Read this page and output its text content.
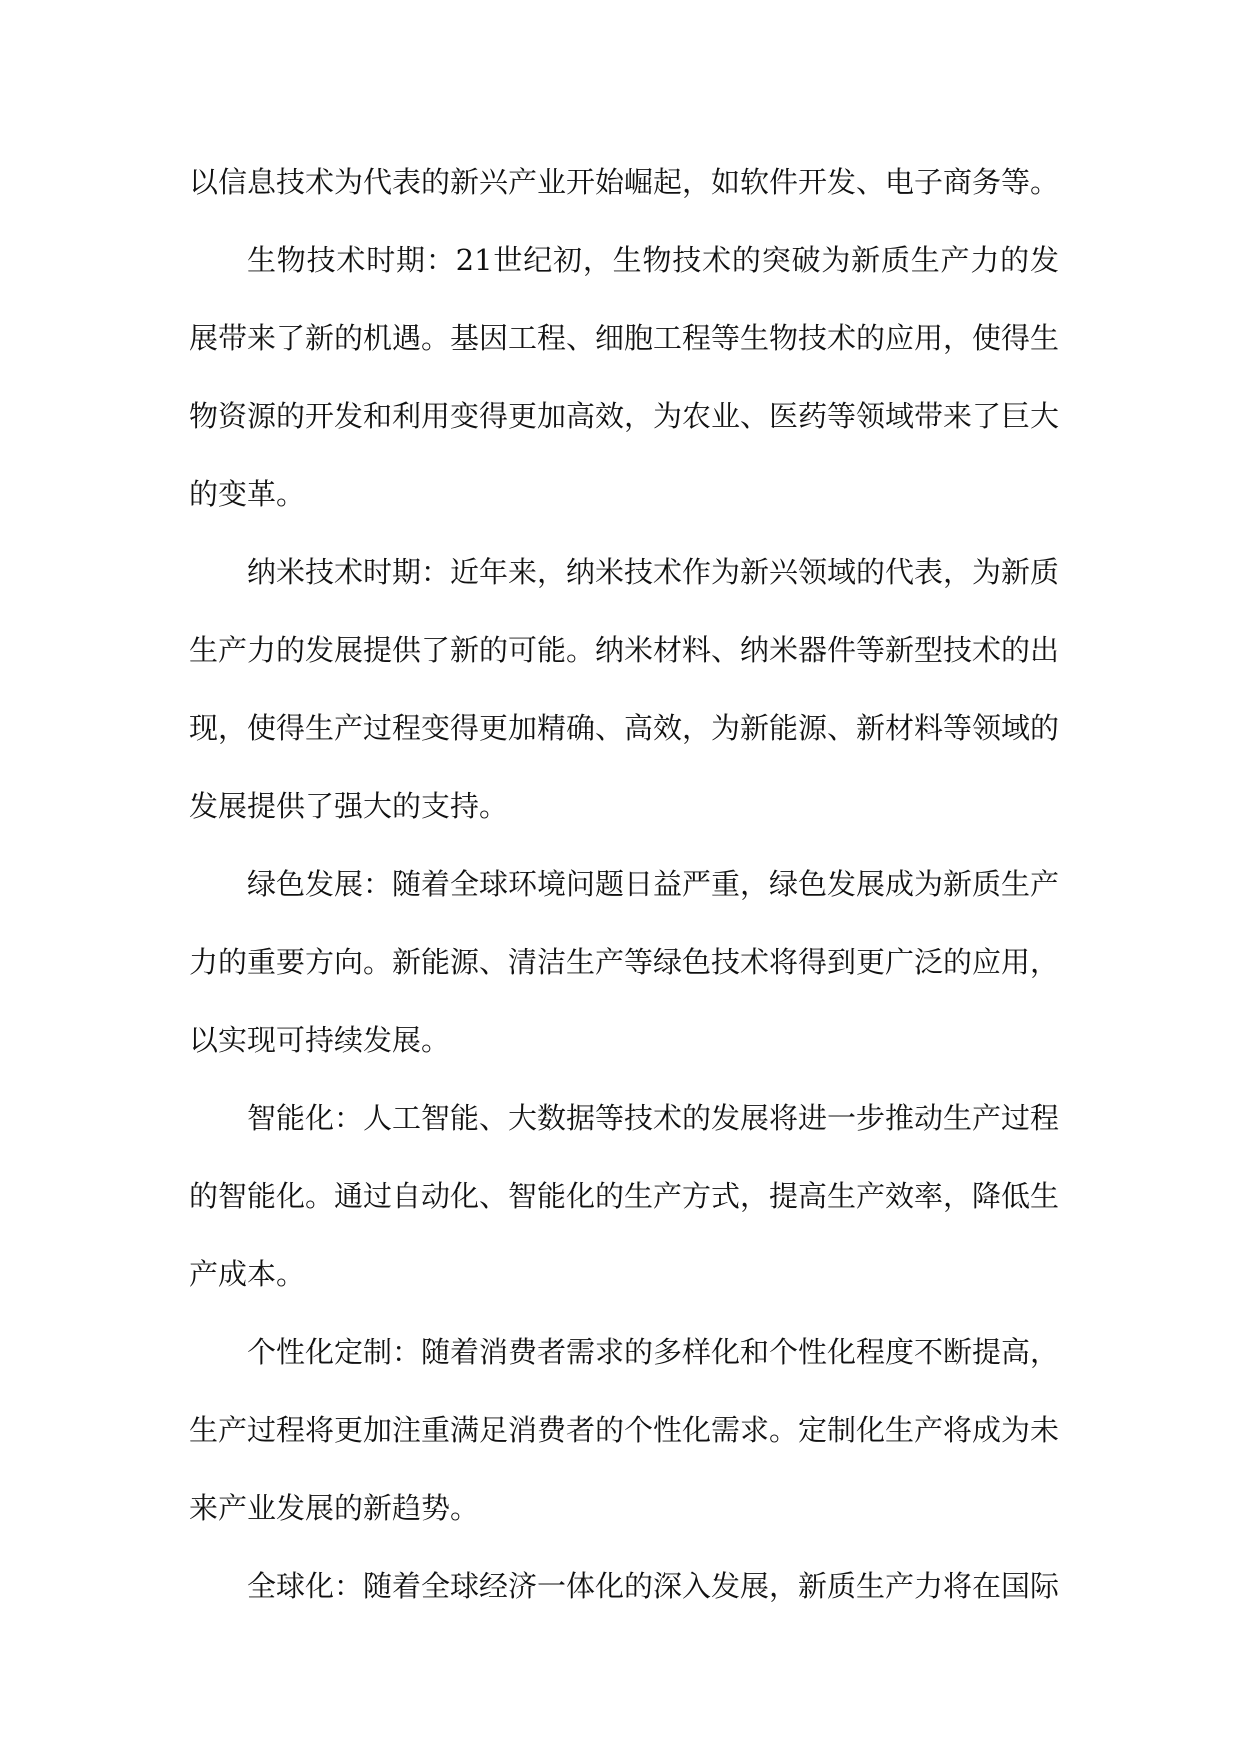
以信息技术为代表的新兴产业开始崛起，如软件开发、电子商务等。

生物技术时期：21世纪初，生物技术的突破为新质生产力的发展带来了新的机遇。基因工程、细胞工程等生物技术的应用，使得生物资源的开发和利用变得更加高效，为农业、医药等领域带来了巨大的变革。

纳米技术时期：近年来，纳米技术作为新兴领域的代表，为新质生产力的发展提供了新的可能。纳米材料、纳米器件等新型技术的出现，使得生产过程变得更加精确、高效，为新能源、新材料等领域的发展提供了强大的支持。

绿色发展：随着全球环境问题日益严重，绿色发展成为新质生产力的重要方向。新能源、清洁生产等绿色技术将得到更广泛的应用，以实现可持续发展。

智能化：人工智能、大数据等技术的发展将进一步推动生产过程的智能化。通过自动化、智能化的生产方式，提高生产效率，降低生产成本。

个性化定制：随着消费者需求的多样化和个性化程度不断提高，生产过程将更加注重满足消费者的个性化需求。定制化生产将成为未来产业发展的新趋势。

全球化：随着全球经济一体化的深入发展，新质生产力将在国际
